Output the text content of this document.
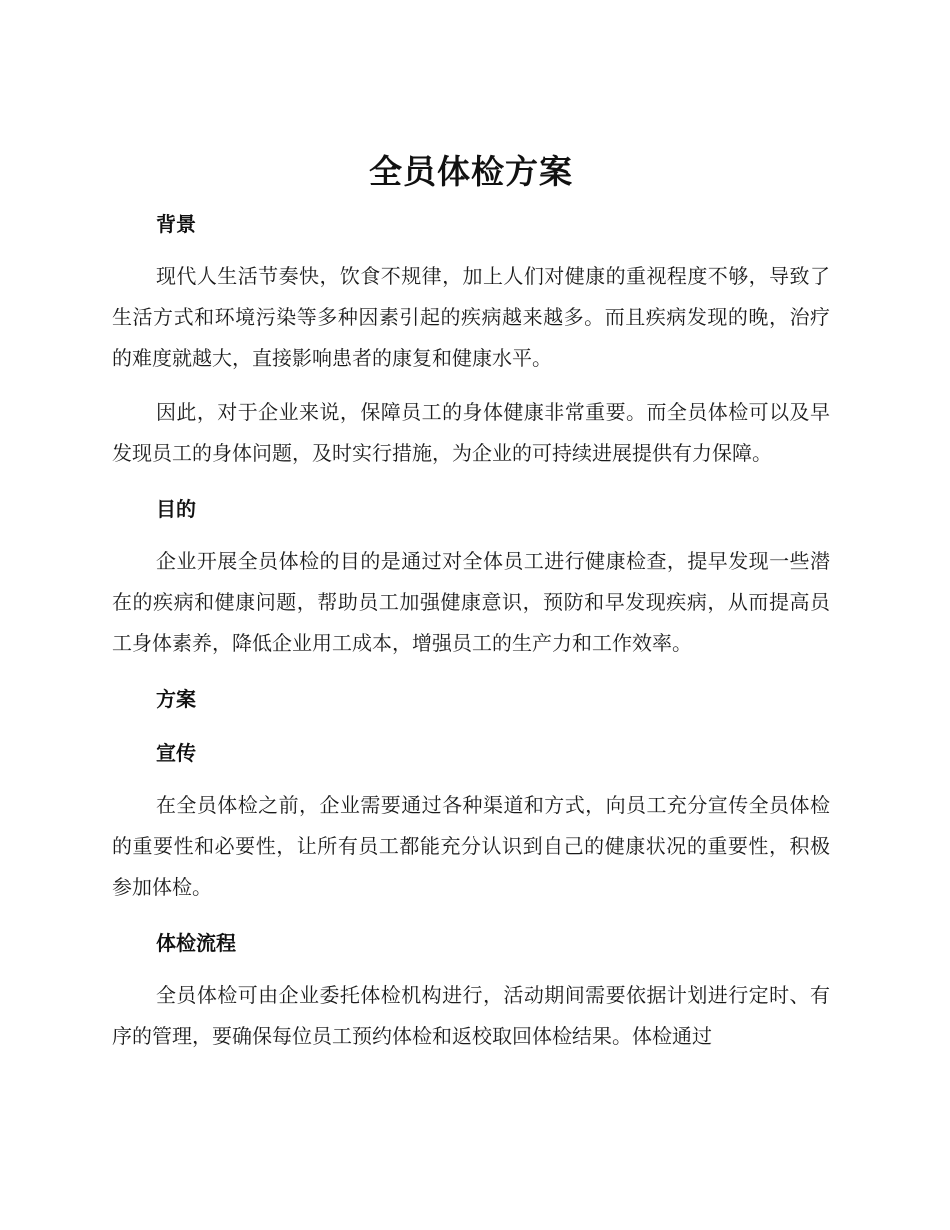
全员体检方案
背景

现代人生活节奏快，饮食不规律，加上人们对健康的重视程度不够，导致了生活方式和环境污染等多种因素引起的疾病越来越多。而且疾病发现的晚，治疗的难度就越大，直接影响患者的康复和健康水平。

因此，对于企业来说，保障员工的身体健康非常重要。而全员体检可以及早发现员工的身体问题，及时实行措施，为企业的可持续进展提供有力保障。

目的

企业开展全员体检的目的是通过对全体员工进行健康检查，提早发现一些潜在的疾病和健康问题，帮助员工加强健康意识，预防和早发现疾病，从而提高员工身体素养，降低企业用工成本，增强员工的生产力和工作效率。

方案
宣传

在全员体检之前，企业需要通过各种渠道和方式，向员工充分宣传全员体检的重要性和必要性，让所有员工都能充分认识到自己的健康状况的重要性，积极参加体检。

体检流程

全员体检可由企业委托体检机构进行，活动期间需要依据计划进行定时、有序的管理，要确保每位员工预约体检和返校取回体检结果。体检通过
